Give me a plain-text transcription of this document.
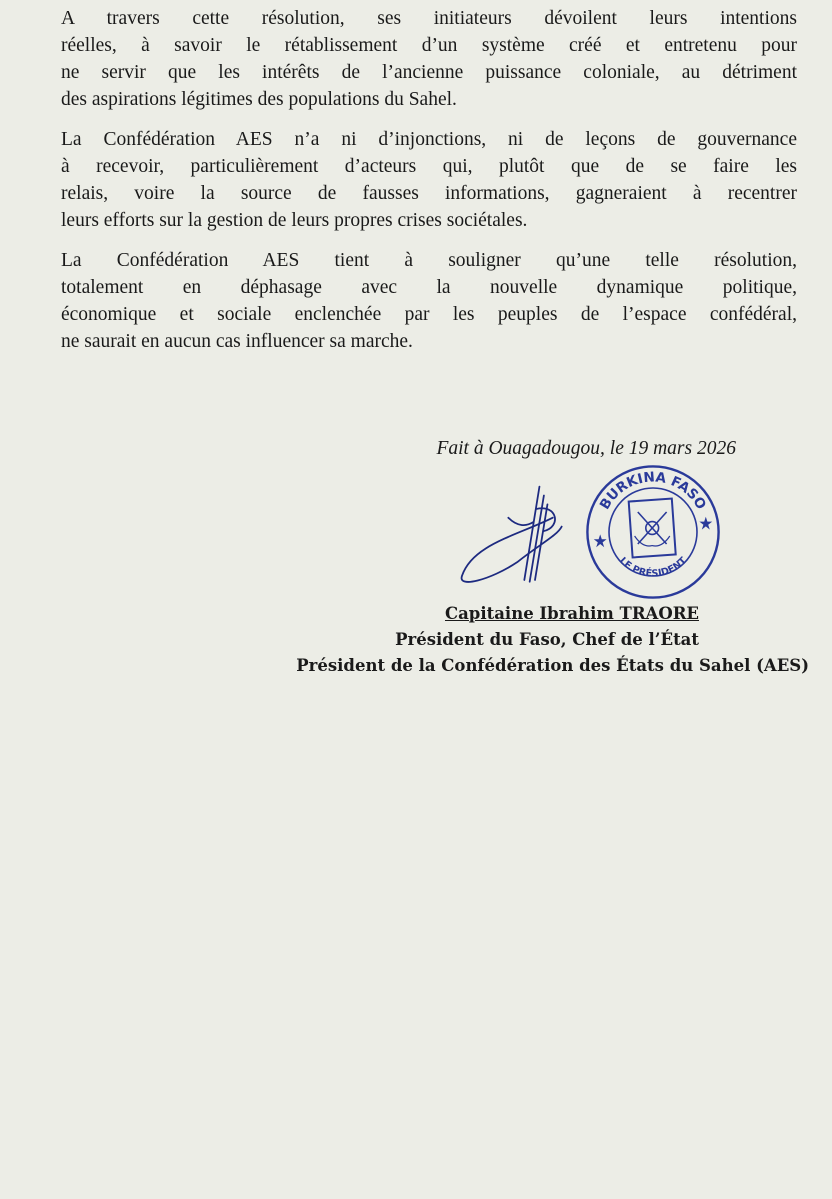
A travers cette résolution, ses initiateurs dévoilent leurs intentions
réelles, à savoir le rétablissement d’un système créé et entretenu pour
ne servir que les intérêts de l’ancienne puissance coloniale, au détriment
des aspirations légitimes des populations du Sahel.
La Confédération AES n’a ni d’injonctions, ni de leçons de gouvernance
à recevoir, particulièrement d’acteurs qui, plutôt que de se faire les
relais, voire la source de fausses informations, gagneraient à recentrer
leurs efforts sur la gestion de leurs propres crises sociétales.
La Confédération AES tient à souligner qu’une telle résolution,
totalement en déphasage avec la nouvelle dynamique politique,
économique et sociale enclenchée par les peuples de l’espace confédéral,
ne saurait en aucun cas influencer sa marche.
Fait à Ouagadougou, le 19 mars 2026
BURKINA FASO
LE PRÉSIDENT
Capitaine Ibrahim TRAORE
Président du Faso, Chef de l’État
Président de la Confédération des États du Sahel (AES)
